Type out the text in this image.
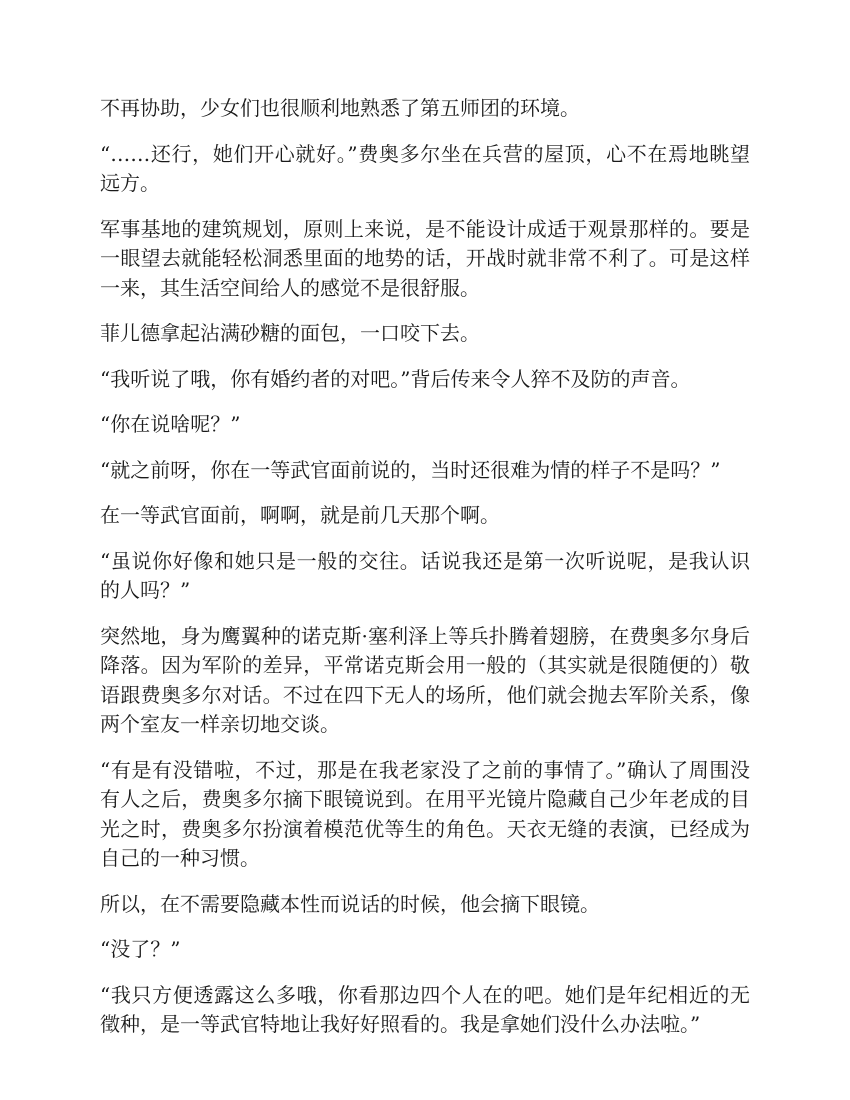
不再协助，少女们也很顺利地熟悉了第五师团的环境。

“……还行，她们开心就好。”费奥多尔坐在兵营的屋顶，心不在焉地眺望远方。

军事基地的建筑规划，原则上来说，是不能设计成适于观景那样的。要是一眼望去就能轻松洞悉里面的地势的话，开战时就非常不利了。可是这样一来，其生活空间给人的感觉不是很舒服。

菲儿德拿起沾满砂糖的面包，一口咬下去。

“我听说了哦，你有婚约者的对吧。”背后传来令人猝不及防的声音。

“你在说啥呢？”

“就之前呀，你在一等武官面前说的，当时还很难为情的样子不是吗？”

在一等武官面前，啊啊，就是前几天那个啊。

“虽说你好像和她只是一般的交往。话说我还是第一次听说呢，是我认识的人吗？”

突然地，身为鹰翼种的诺克斯·塞利泽上等兵扑腾着翅膀，在费奥多尔身后降落。因为军阶的差异，平常诺克斯会用一般的（其实就是很随便的）敬语跟费奥多尔对话。不过在四下无人的场所，他们就会抛去军阶关系，像两个室友一样亲切地交谈。

“有是有没错啦，不过，那是在我老家没了之前的事情了。”确认了周围没有人之后，费奥多尔摘下眼镜说到。在用平光镜片隐藏自己少年老成的目光之时，费奥多尔扮演着模范优等生的角色。天衣无缝的表演，已经成为自己的一种习惯。

所以，在不需要隐藏本性而说话的时候，他会摘下眼镜。

“没了？”

“我只方便透露这么多哦，你看那边四个人在的吧。她们是年纪相近的无徵种，是一等武官特地让我好好照看的。我是拿她们没什么办法啦。”
